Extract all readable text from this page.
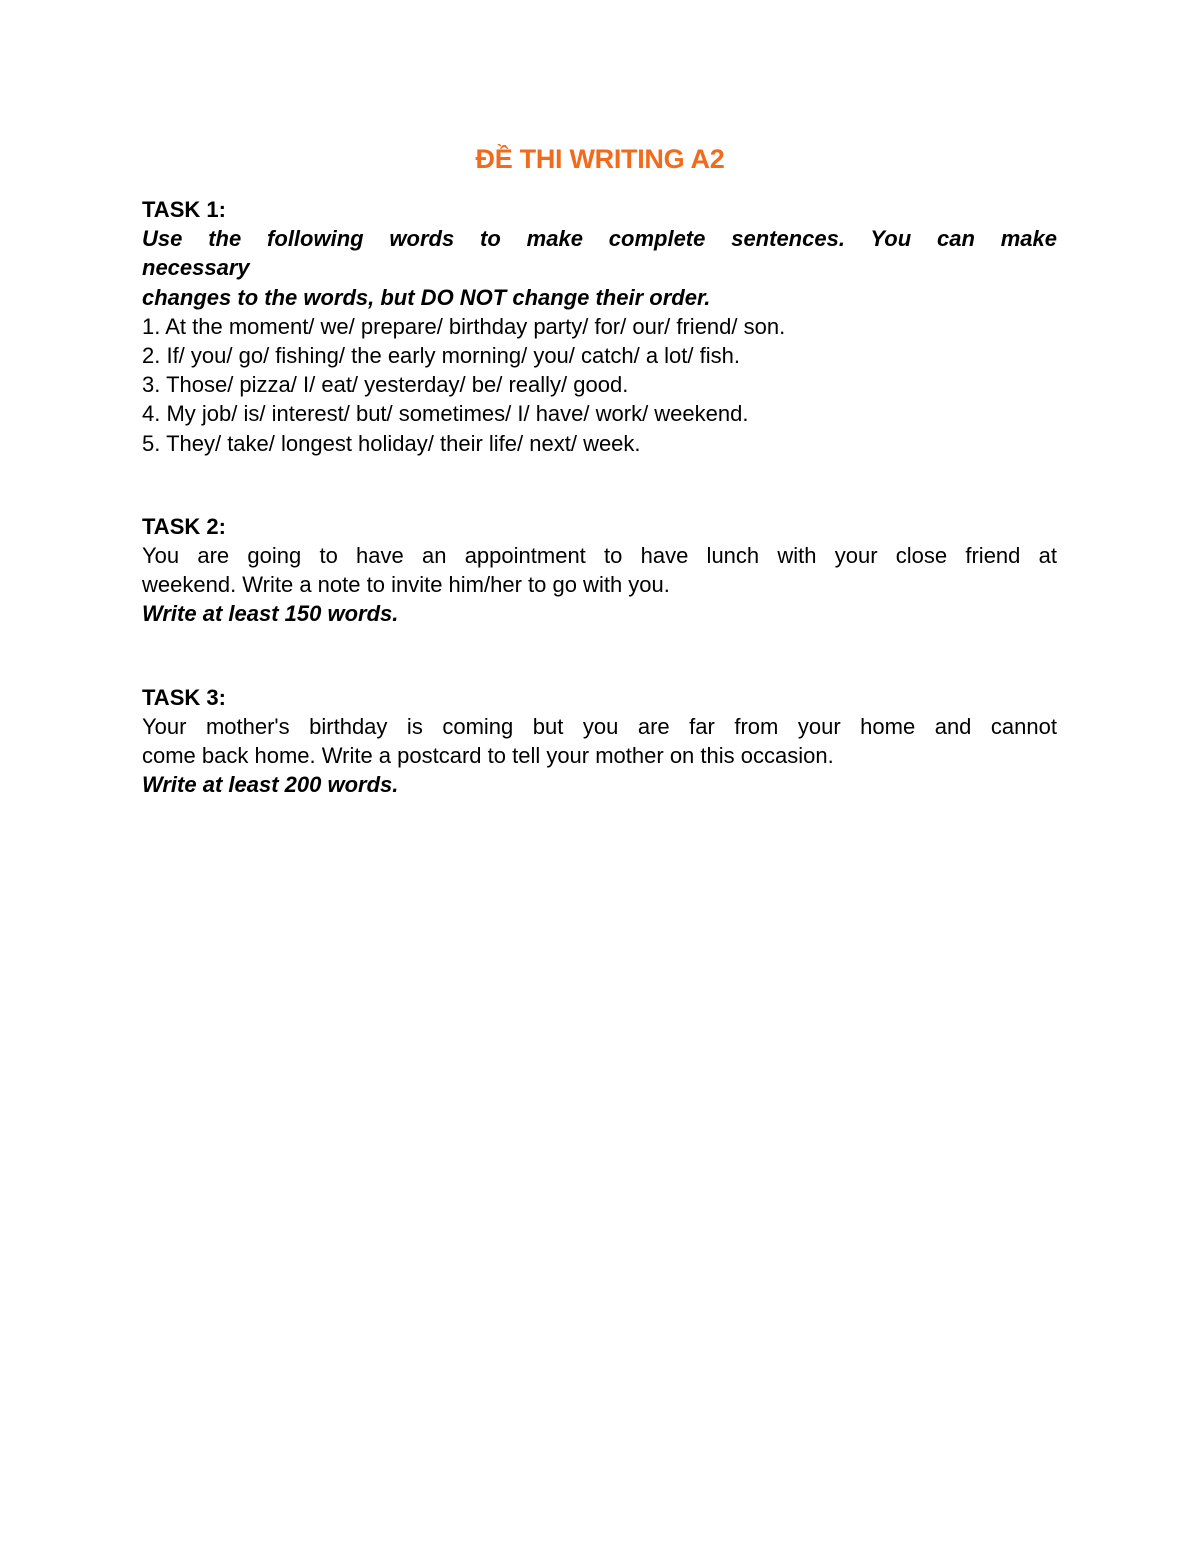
ĐỀ THI WRITING A2
TASK 1:
Use the following words to make complete sentences. You can make
necessary
changes to the words, but DO NOT change their order.
1. At the moment/ we/ prepare/ birthday party/ for/ our/ friend/ son.
2. If/ you/ go/ fishing/ the early morning/ you/ catch/ a lot/ fish.
3. Those/ pizza/ I/ eat/ yesterday/ be/ really/ good.
4. My job/ is/ interest/ but/ sometimes/ I/ have/ work/ weekend.
5. They/ take/ longest holiday/ their life/ next/ week.
TASK 2:
You are going to have an appointment to have lunch with your close friend at
weekend. Write a note to invite him/her to go with you.
Write at least 150 words.
TASK 3:
Your mother's birthday is coming but you are far from your home and cannot
come back home. Write a postcard to tell your mother on this occasion.
Write at least 200 words.
